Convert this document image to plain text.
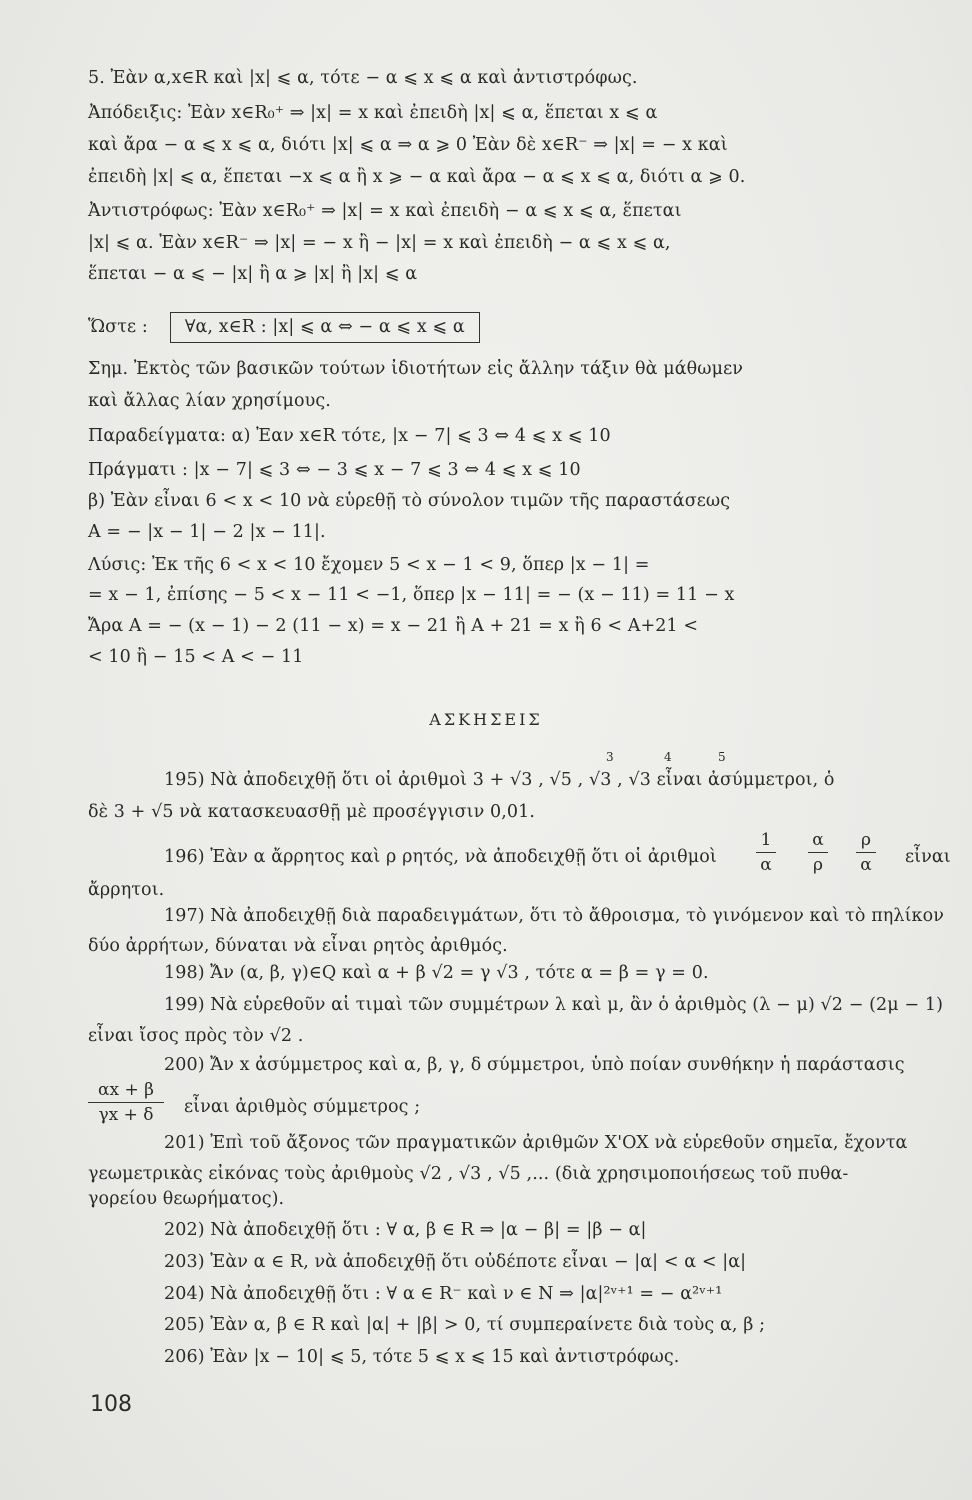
5. Ἐὰν α,x∈R καὶ |x| ⩽ α, τότε − α ⩽ x ⩽ α καὶ ἀντιστρόφως.
Ἀπόδειξις: Ἐὰν x∈R₀⁺ ⇒ |x| = x καὶ ἐπειδὴ |x| ⩽ α, ἕπεται x ⩽ α
καὶ ἄρα − α ⩽ x ⩽ α, διότι |x| ⩽ α ⇒ α ⩾ 0 Ἐὰν δὲ x∈R⁻ ⇒ |x| = − x καὶ
ἐπειδὴ |x| ⩽ α, ἕπεται −x ⩽ α ἢ x ⩾ − α καὶ ἄρα − α ⩽ x ⩽ α, διότι α ⩾ 0.
Ἀντιστρόφως: Ἐὰν x∈R₀⁺ ⇒ |x| = x καὶ ἐπειδὴ − α ⩽ x ⩽ α, ἕπεται
|x| ⩽ α. Ἐὰν x∈R⁻ ⇒ |x| = − x ἢ − |x| = x καὶ ἐπειδὴ − α ⩽ x ⩽ α,
ἕπεται − α ⩽ − |x| ἢ α ⩾ |x| ἢ |x| ⩽ α
Ὥστε : ∀α, x∈R : |x| ⩽ α ⇔ − α ⩽ x ⩽ α
Σημ. Ἐκτὸς τῶν βασικῶν τούτων ἰδιοτήτων εἰς ἄλλην τάξιν θὰ μάθωμεν
καὶ ἄλλας λίαν χρησίμους.
Παραδείγματα: α) Ἐαν x∈R τότε, |x − 7| ⩽ 3 ⇔ 4 ⩽ x ⩽ 10
Πράγματι : |x − 7| ⩽ 3 ⇔ − 3 ⩽ x − 7 ⩽ 3 ⇔ 4 ⩽ x ⩽ 10
β) Ἐὰν εἶναι 6 < x < 10 νὰ εὑρεθῇ τὸ σύνολον τιμῶν τῆς παραστάσεως
Α = − |x − 1| − 2 |x − 11|.
Λύσις: Ἐκ τῆς 6 < x < 10 ἔχομεν 5 < x − 1 < 9, ὅπερ |x − 1| =
= x − 1, ἐπίσης − 5 < x − 11 < −1, ὅπερ |x − 11| = − (x − 11) = 11 − x
Ἄρα Α = − (x − 1) − 2 (11 − x) = x − 21 ἢ Α + 21 = x ἢ 6 < Α+21 <
< 10 ἢ − 15 < Α < − 11
ΑΣΚΗΣΕΙΣ
3	4	5
195) Νὰ ἀποδειχθῇ ὅτι οἱ ἀριθμοὶ 3 + √3 , √5 , √3 , √3 εἶναι ἀσύμμετροι, ὁ
δὲ 3 + √5 νὰ κατασκευασθῇ μὲ προσέγγισιν 0,01.
196) Ἐὰν α ἄρρητος καὶ ρ ρητός, νὰ ἀποδειχθῇ ὅτι οἱ ἀριθμοὶ
1
α
α
ρ
ρ
α εἶναι
ἄρρητοι.
197) Νὰ ἀποδειχθῇ διὰ παραδειγμάτων, ὅτι τὸ ἄθροισμα, τὸ γινόμενον καὶ τὸ πηλίκον
δύο ἀρρήτων, δύναται νὰ εἶναι ρητὸς ἀριθμός.
198) Ἄν (α, β, γ)∈Q καὶ α + β √2 = γ √3 , τότε α = β = γ = 0.
199) Νὰ εὑρεθοῦν αἱ τιμαὶ τῶν συμμέτρων λ καὶ μ, ἂν ὁ ἀριθμὸς (λ − μ) √2 − (2μ − 1)
εἶναι ἴσος πρὸς τὸν √2 .
200) Ἄν x ἀσύμμετρος καὶ α, β, γ, δ σύμμετροι, ὑπὸ ποίαν συνθήκην ἡ παράστασις
αx + β
γx + δ	εἶναι ἀριθμὸς σύμμετρος ;
201) Ἐπὶ τοῦ ἄξονος τῶν πραγματικῶν ἀριθμῶν X'OX νὰ εὑρεθοῦν σημεῖα, ἔχοντα
γεωμετρικὰς εἰκόνας τοὺς ἀριθμοὺς √2 , √3 , √5 ,... (διὰ χρησιμοποιήσεως τοῦ πυθα-
γορείου θεωρήματος).
202) Νὰ ἀποδειχθῇ ὅτι : ∀ α, β ∈ R ⇒ |α − β| = |β − α|
203) Ἐὰν α ∈ R, νὰ ἀποδειχθῇ ὅτι οὐδέποτε εἶναι − |α| < α < |α|
204) Νὰ ἀποδειχθῇ ὅτι : ∀ α ∈ R⁻ καὶ ν ∈ N ⇒ |α|²ᵛ⁺¹ = − α²ᵛ⁺¹
205) Ἐὰν α, β ∈ R καὶ |α| + |β| > 0, τί συμπεραίνετε διὰ τοὺς α, β ;
206) Ἐὰν |x − 10| ⩽ 5, τότε 5 ⩽ x ⩽ 15 καὶ ἀντιστρόφως.
108
